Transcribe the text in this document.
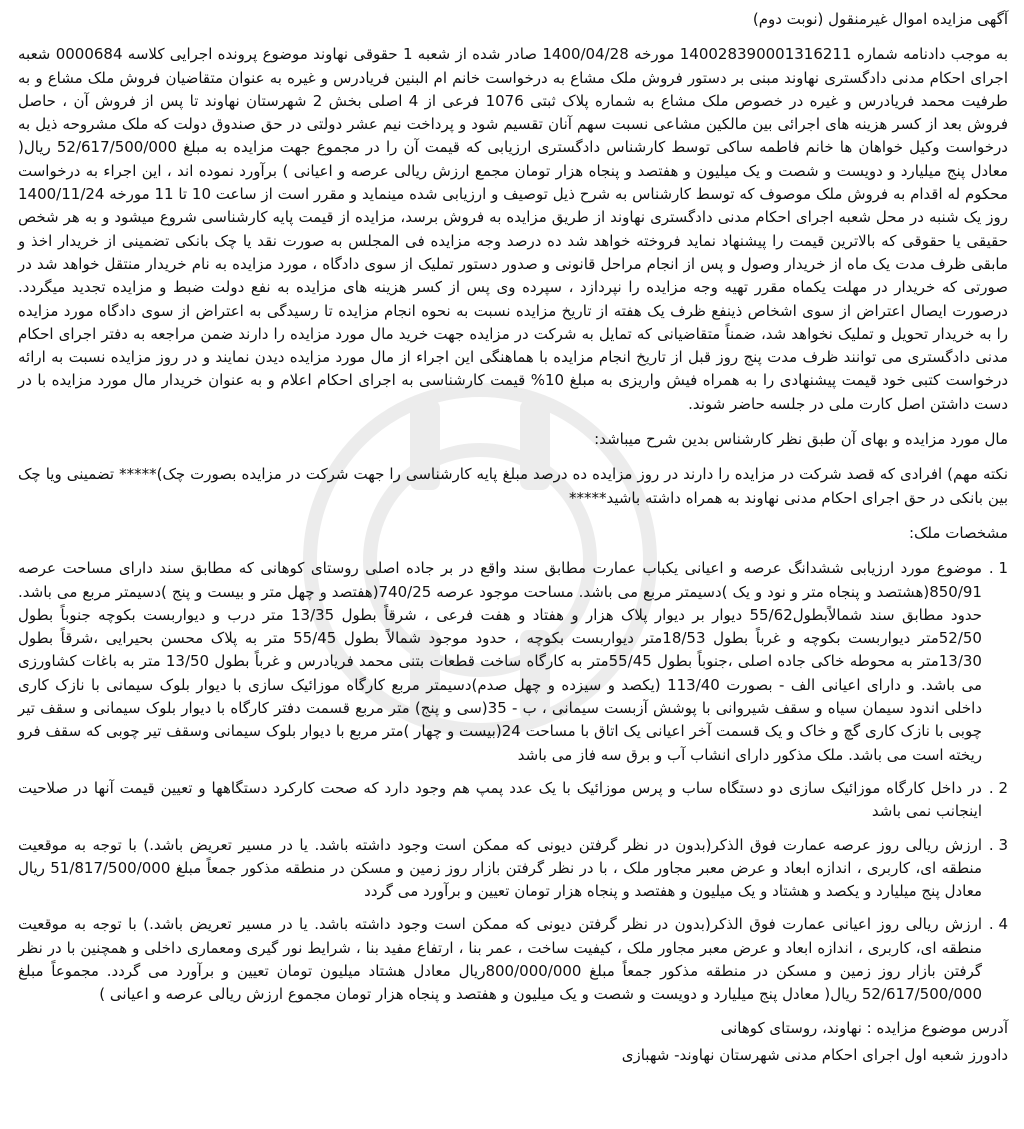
آگهی مزایده اموال غیرمنقول (نوبت دوم)

به موجب دادنامه شماره 140028390001316211 مورخه 1400/04/28 صادر شده از شعبه 1 حقوقی نهاوند موضوع پرونده اجرایی کلاسه 0000684 شعبه اجرای احکام مدنی دادگستری نهاوند مبنی بر دستور فروش ملک مشاع به درخواست خانم ام البنین فریادرس و غیره به عنوان متقاضیان فروش ملک مشاع و به طرفیت محمد فریادرس و غیره در خصوص ملک مشاع به شماره پلاک ثبتی 1076 فرعی از 4 اصلی بخش 2 شهرستان نهاوند تا پس از فروش آن ، حاصل فروش بعد از کسر هزینه های اجرائی بین مالکین مشاعی نسبت سهم آنان تقسیم شود و پرداخت نیم عشر دولتی در حق صندوق دولت که ملک مشروحه ذیل به درخواست وکیل خواهان ها خانم فاطمه ساکی توسط کارشناس دادگستری ارزیابی که قیمت آن را در مجموع جهت مزایده به مبلغ 52/617/500/000 ریال( معادل پنج میلیارد و دویست و شصت و یک میلیون و هفتصد و پنجاه هزار تومان مجمع ارزش ریالی عرصه و اعیانی ) برآورد نموده اند ، این اجراء به درخواست محکوم له اقدام به فروش ملک موصوف که توسط کارشناس به شرح ذیل توصیف و ارزیابی شده مینماید و مقرر است از ساعت 10 تا 11 مورخه 1400/11/24 روز یک شنبه در محل شعبه اجرای احکام مدنی دادگستری نهاوند از طریق مزایده به فروش برسد، مزایده از قیمت پایه کارشناسی شروع میشود و به هر شخص حقیقی یا حقوقی که بالاترین قیمت را پیشنهاد نماید فروخته خواهد شد ده درصد وجه مزایده فی المجلس به صورت نقد یا چک بانکی تضمینی از خریدار اخذ و مابقی ظرف مدت یک ماه از خریدار وصول و پس از انجام مراحل قانونی و صدور دستور تملیک از سوی دادگاه ، مورد مزایده به نام خریدار منتقل خواهد شد در صورتی که خریدار در مهلت یکماه مقرر تهیه وجه مزایده را نپردازد ، سپرده وی پس از کسر هزینه های مزایده به نفع دولت ضبط و مزایده تجدید میگردد. درصورت ایصال اعتراض از سوی اشخاص ذینفع ظرف یک هفته از تاریخ مزایده نسبت به نحوه انجام مزایده تا رسیدگی به اعتراض از سوی دادگاه مورد مزایده را به خریدار تحویل و تملیک نخواهد شد، ضمناً متقاضیانی که تمایل به شرکت در مزایده جهت خرید مال مورد مزایده را دارند ضمن مراجعه به دفتر اجرای احکام مدنی دادگستری می توانند ظرف مدت پنج روز قبل از تاریخ انجام مزایده با هماهنگی این اجراء از مال مورد مزایده دیدن نمایند و در روز مزایده نسبت به ارائه درخواست کتبی خود قیمت پیشنهادی را به همراه فیش واریزی به مبلغ 10% قیمت کارشناسی به اجرای احکام اعلام و به عنوان خریدار مال مورد مزایده با در دست داشتن اصل کارت ملی در جلسه حاضر شوند.

مال مورد مزایده و بهای آن طبق نظر کارشناس بدین شرح میباشد:

نکته مهم) افرادی که قصد شرکت در مزایده را دارند در روز مزایده ده درصد مبلغ پایه کارشناسی را جهت شرکت در مزایده بصورت چک)***** تضمینی ویا چک بین بانکی در حق اجرای احکام مدنی نهاوند به همراه داشته باشید*****

مشخصات ملک:

1 .
موضوع مورد ارزیابی ششدانگ عرصه و اعیانی یکباب عمارت مطابق سند واقع در بر جاده اصلی روستای کوهانی که مطابق سند دارای مساحت عرصه 850/91(هشتصد و پنجاه متر و نود و یک )دسیمتر مربع می باشد. مساحت موجود عرصه 740/25(هفتصد و چهل متر و بیست و پنج )دسیمتر مربع می باشد. حدود مطابق سند شمالاًبطول55/62 دیوار بر دیوار پلاک هزار و هفتاد و هفت فرعی ، شرقاً بطول 13/35 متر درب و دیواربست بکوچه جنوباً بطول 52/50متر دیواربست بکوچه و غرباً بطول 18/53متر دیواربست بکوچه ، حدود موجود شمالاً بطول 55/45 متر به پلاک محسن بحیرایی ،شرقاً بطول 13/30متر به محوطه خاکی جاده اصلی ،جنوباً بطول 55/45متر به کارگاه ساخت قطعات بتنی محمد فریادرس و غرباً بطول 13/50 متر به باغات کشاورزی می باشد. و دارای اعیانی الف - بصورت 113/40 (یکصد و سیزده و چهل صدم)دسیمتر مربع کارگاه موزائیک سازی با دیوار بلوک سیمانی با نازک کاری داخلی اندود سیمان سیاه و سقف شیروانی با پوشش آزبست سیمانی ، ب - 35(سی و پنج) متر مربع قسمت دفتر کارگاه با دیوار بلوک سیمانی و سقف تیر چوبی با نازک کاری گچ و خاک و یک قسمت آخر اعیانی یک اتاق با مساحت 24(بیست و چهار )متر مربع با دیوار بلوک سیمانی وسقف تیر چوبی که سقف فرو ریخته است می باشد. ملک مذکور دارای انشاب آب و برق سه فاز می باشد
2 .
در داخل کارگاه موزائیک سازی دو دستگاه ساب و پرس موزائیک با یک عدد پمپ هم وجود دارد که صحت کارکرد دستگاهها و تعیین قیمت آنها در صلاحیت اینجانب نمی باشد
3 .
ارزش ریالی روز عرصه عمارت فوق الذکر(بدون در نظر گرفتن دیونی که ممکن است وجود داشته باشد. یا در مسیر تعریض باشد.) با توجه به موقعیت منطقه ای، کاربری ، اندازه ابعاد و عرض معبر مجاور ملک ، با در نظر گرفتن بازار روز زمین و مسکن در منطقه مذکور جمعاً مبلغ 51/817/500/000 ریال معادل پنج میلیارد و یکصد و هشتاد و یک میلیون و هفتصد و پنجاه هزار تومان تعیین و برآورد می گردد
4 .
ارزش ریالی روز اعیانی عمارت فوق الذکر(بدون در نظر گرفتن دیونی که ممکن است وجود داشته باشد. یا در مسیر تعریض باشد.) با توجه به موقعیت منطقه ای، کاربری ، اندازه ابعاد و عرض معبر مجاور ملک ، کیفیت ساخت ، عمر بنا ، ارتفاع مفید بنا ، شرایط نور گیری ومعماری داخلی و همچنین با در نظر گرفتن بازار روز زمین و مسکن در منطقه مذکور جمعاً مبلغ 800/000/000ریال معادل هشتاد میلیون تومان تعیین و برآورد می گردد. مجموعاً مبلغ 52/617/500/000 ریال( معادل پنج میلیارد و دویست و شصت و یک میلیون و هفتصد و پنجاه هزار تومان مجموع ارزش ریالی عرصه و اعیانی )

آدرس موضوع مزایده : نهاوند، روستای کوهانی

دادورز شعبه اول اجرای احکام مدنی شهرستان نهاوند- شهبازی
